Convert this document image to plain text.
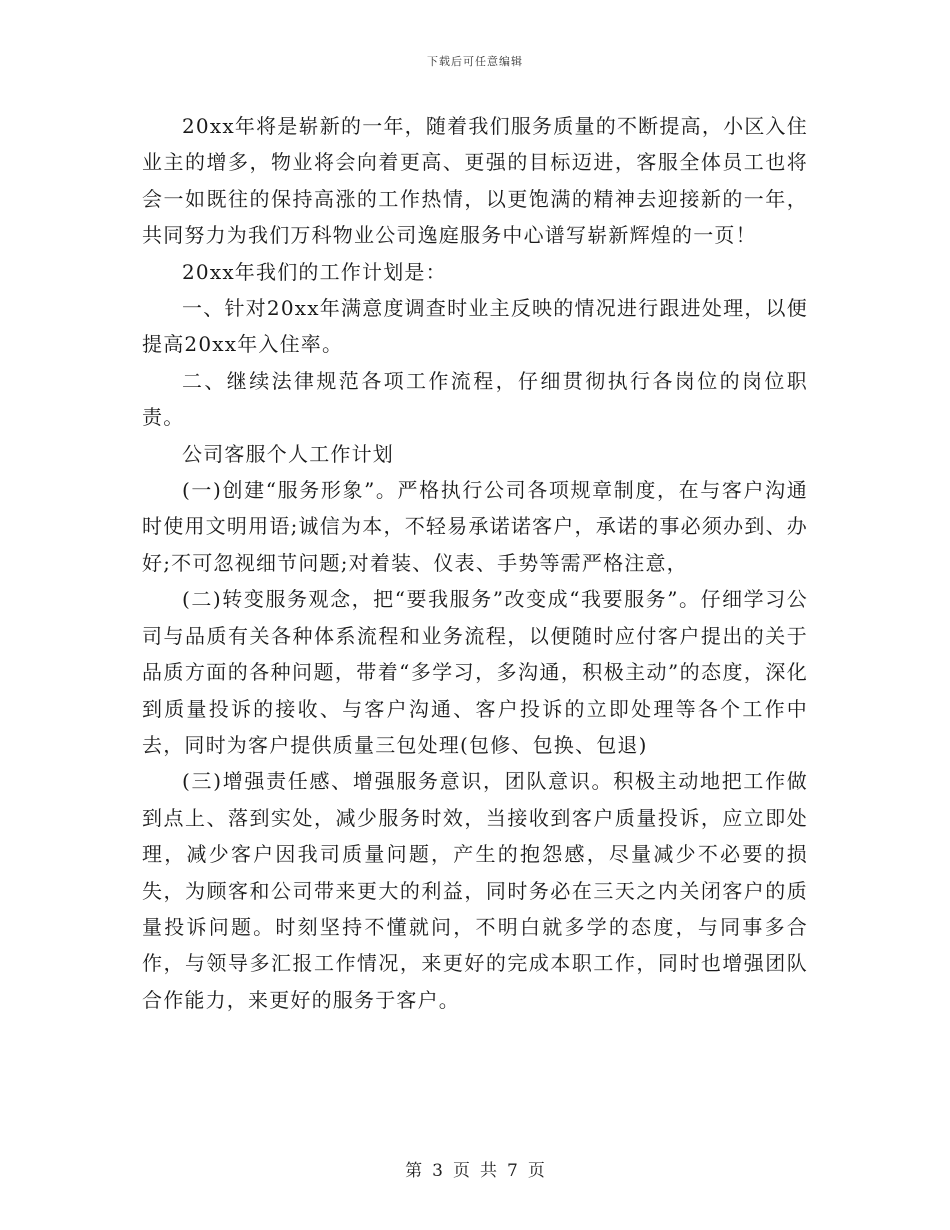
下载后可任意编辑

20xx年将是崭新的一年，随着我们服务质量的不断提高，小区入住业主的增多，物业将会向着更高、更强的目标迈进，客服全体员工也将会一如既往的保持高涨的工作热情，以更饱满的精神去迎接新的一年，共同努力为我们万科物业公司逸庭服务中心谱写崭新辉煌的一页！

20xx年我们的工作计划是：

一、针对20xx年满意度调查时业主反映的情况进行跟进处理，以便提高20xx年入住率。

二、继续法律规范各项工作流程，仔细贯彻执行各岗位的岗位职责。

公司客服个人工作计划

(一)创建“服务形象”。严格执行公司各项规章制度，在与客户沟通时使用文明用语;诚信为本，不轻易承诺诺客户，承诺的事必须办到、办好;不可忽视细节问题;对着装、仪表、手势等需严格注意，

(二)转变服务观念，把“要我服务”改变成“我要服务”。仔细学习公司与品质有关各种体系流程和业务流程，以便随时应付客户提出的关于品质方面的各种问题，带着“多学习，多沟通，积极主动”的态度，深化到质量投诉的接收、与客户沟通、客户投诉的立即处理等各个工作中去，同时为客户提供质量三包处理(包修、包换、包退)

(三)增强责任感、增强服务意识，团队意识。积极主动地把工作做到点上、落到实处，减少服务时效，当接收到客户质量投诉，应立即处理，减少客户因我司质量问题，产生的抱怨感，尽量减少不必要的损失，为顾客和公司带来更大的利益，同时务必在三天之内关闭客户的质量投诉问题。时刻坚持不懂就问，不明白就多学的态度，与同事多合作，与领导多汇报工作情况，来更好的完成本职工作，同时也增强团队合作能力，来更好的服务于客户。

第 3 页 共 7 页
